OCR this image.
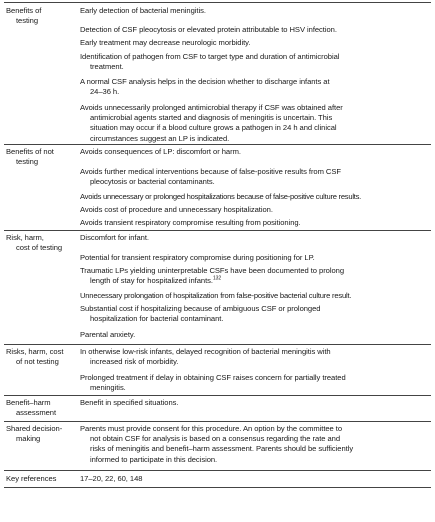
Benefits of
testing
Early detection of bacterial meningitis.
Detection of CSF pleocytosis or elevated protein attributable to HSV infection.
Early treatment may decrease neurologic morbidity.
Identification of pathogen from CSF to target type and duration of antimicrobial
treatment.
A normal CSF analysis helps in the decision whether to discharge infants at
24–36 h.
Avoids unnecessarily prolonged antimicrobial therapy if CSF was obtained after
antimicrobial agents started and diagnosis of meningitis is uncertain. This
situation may occur if a blood culture grows a pathogen in 24 h and clinical
circumstances suggest an LP is indicated.
Benefits of not
testing
Avoids consequences of LP: discomfort or harm.
Avoids further medical interventions because of false-positive results from CSF
pleocytosis or bacterial contaminants.
Avoids unnecessary or prolonged hospitalizations because of false-positive culture results.
Avoids cost of procedure and unnecessary hospitalization.
Avoids transient respiratory compromise resulting from positioning.
Risk, harm,
cost of testing
Discomfort for infant.
Potential for transient respiratory compromise during positioning for LP.
Traumatic LPs yielding uninterpretable CSFs have been documented to prolong
length of stay for hospitalized infants.$^{132}$
Unnecessary prolongation of hospitalization from false-positive bacterial culture result.
Substantial cost if hospitalizing because of ambiguous CSF or prolonged
hospitalization for bacterial contaminant.
Parental anxiety.
Risks, harm, cost
of not testing
In otherwise low-risk infants, delayed recognition of bacterial meningitis with
increased risk of morbidity.
Prolonged treatment if delay in obtaining CSF raises concern for partially treated
meningitis.
Benefit–harm
assessment
Benefit in specified situations.
Shared decision-
making
Parents must provide consent for this procedure. An option by the committee to
not obtain CSF for analysis is based on a consensus regarding the rate and
risks of meningitis and benefit–harm assessment. Parents should be sufficiently
informed to participate in this decision.
Key references	17–20, 22, 60, 148
